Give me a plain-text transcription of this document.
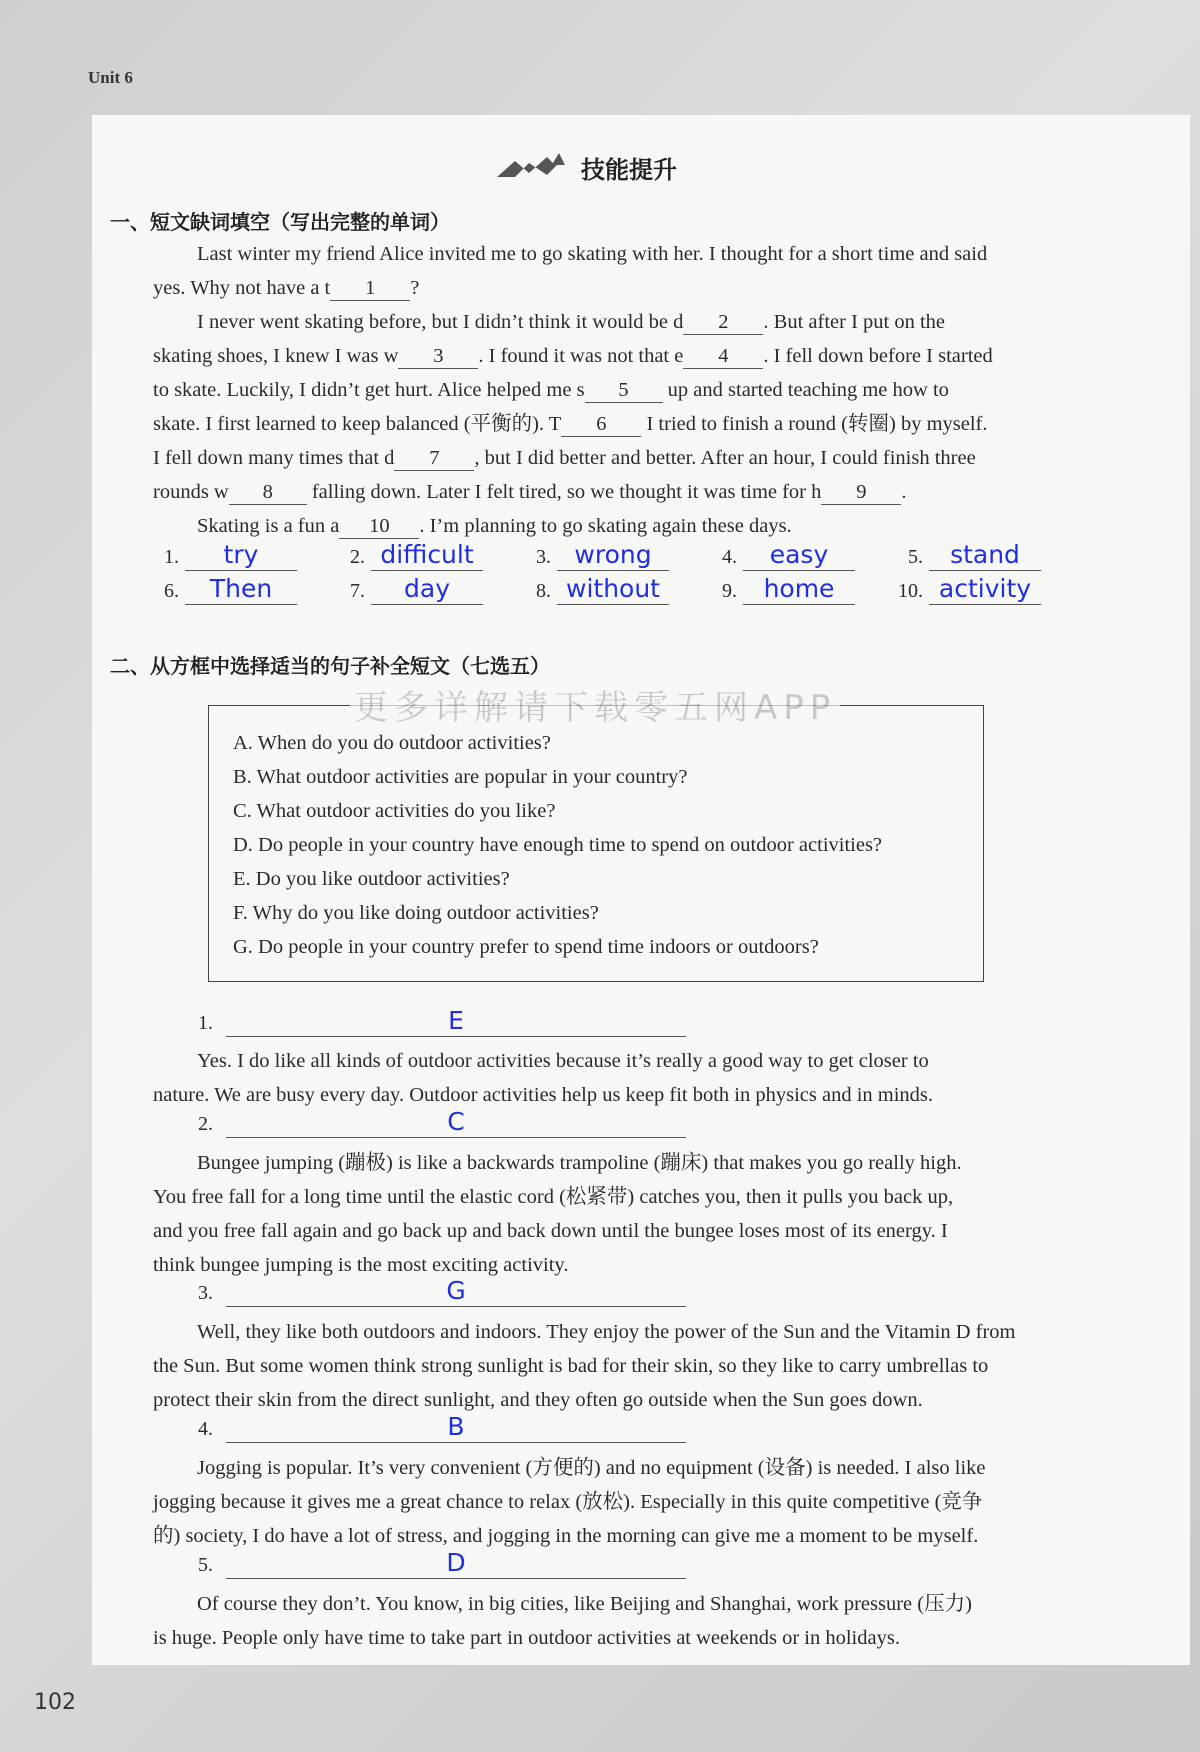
Unit 6
102
技能提升
一、短文缺词填空（写出完整的单词）

Last winter my friend Alice invited me to go skating with her. I thought for a short time and said

yes. Why not have a t 1 ?

I never went skating before, but I didn’t think it would be d 2 . But after I put on the

skating shoes, I knew I was w 3 . I found it was not that e 4 . I fell down before I started

to skate. Luckily, I didn’t get hurt. Alice helped me s 5 up and started teaching me how to

skate. I first learned to keep balanced (平衡的). T 6 I tried to finish a round (转圈) by myself.

I fell down many times that d 7 , but I did better and better. After an hour, I could finish three

rounds w 8 falling down. Later I felt tired, so we thought it was time for h 9 .

Skating is a fun a 10 . I’m planning to go skating again these days.

1.	try	2. difficult	3. wrong	4.	easy	5.	stand
6.	Then	7.	day	8. without	9.	home	10. activity
二、从方框中选择适当的句子补全短文（七选五）
A. When do you do outdoor activities?
B. What outdoor activities are popular in your country?
C. What outdoor activities do you like?
D. Do people in your country have enough time to spend on outdoor activities?
E. Do you like outdoor activities?
F. Why do you like doing outdoor activities?
G. Do people in your country prefer to spend time indoors or outdoors?
更多详解请下载零五网APP
1.	E

Yes. I do like all kinds of outdoor activities because it’s really a good way to get closer to

nature. We are busy every day. Outdoor activities help us keep fit both in physics and in minds.

2.	C

Bungee jumping (蹦极) is like a backwards trampoline (蹦床) that makes you go really high.

You free fall for a long time until the elastic cord (松紧带) catches you, then it pulls you back up,

and you free fall again and go back up and back down until the bungee loses most of its energy. I

think bungee jumping is the most exciting activity.

3.	G

Well, they like both outdoors and indoors. They enjoy the power of the Sun and the Vitamin D from

the Sun. But some women think strong sunlight is bad for their skin, so they like to carry umbrellas to

protect their skin from the direct sunlight, and they often go outside when the Sun goes down.

4.	B

Jogging is popular. It’s very convenient (方便的) and no equipment (设备) is needed. I also like

jogging because it gives me a great chance to relax (放松). Especially in this quite competitive (竞争

的) society, I do have a lot of stress, and jogging in the morning can give me a moment to be myself.

5.	D

Of course they don’t. You know, in big cities, like Beijing and Shanghai, work pressure (压力)

is huge. People only have time to take part in outdoor activities at weekends or in holidays.
